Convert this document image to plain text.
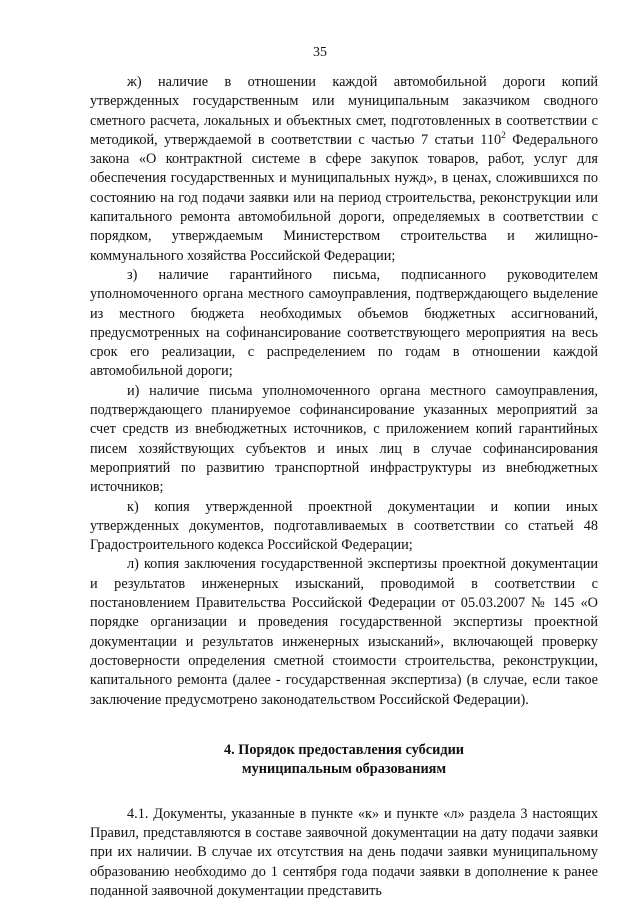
35

ж) наличие в отношении каждой автомобильной дороги копий утвержденных государственным или муниципальным заказчиком сводного сметного расчета, локальных и объектных смет, подготовленных в соответствии с методикой, утверждаемой в соответствии с частью 7 статьи $110^2$ Федерального закона «О контрактной системе в сфере закупок товаров, работ, услуг для обеспечения государственных и муниципальных нужд», в ценах, сложившихся по состоянию на год подачи заявки или на период строительства, реконструкции или капитального ремонта автомобильной дороги, определяемых в соответствии с порядком, утверждаемым Министерством строительства и жилищно-коммунального хозяйства Российской Федерации;

з) наличие гарантийного письма, подписанного руководителем уполномоченного органа местного самоуправления, подтверждающего выделение из местного бюджета необходимых объемов бюджетных ассигнований, предусмотренных на софинансирование соответствующего мероприятия на весь срок его реализации, с распределением по годам в отношении каждой автомобильной дороги;

и) наличие письма уполномоченного органа местного самоуправления, подтверждающего планируемое софинансирование указанных мероприятий за счет средств из внебюджетных источников, с приложением копий гарантийных писем хозяйствующих субъектов и иных лиц в случае софинансирования мероприятий по развитию транспортной инфраструктуры из внебюджетных источников;

к) копия утвержденной проектной документации и копии иных утвержденных документов, подготавливаемых в соответствии со статьей 48 Градостроительного кодекса Российской Федерации;

л) копия заключения государственной экспертизы проектной документации и результатов инженерных изысканий, проводимой в соответствии с постановлением Правительства Российской Федерации от 05.03.2007 № 145 «О порядке организации и проведения государственной экспертизы проектной документации и результатов инженерных изысканий», включающей проверку достоверности определения сметной стоимости строительства, реконструкции, капитального ремонта (далее - государственная экспертиза) (в случае, если такое заключение предусмотрено законодательством Российской Федерации).

4. Порядок предоставления субсидии
муниципальным образованиям

4.1. Документы, указанные в пункте «к» и пункте «л» раздела 3 настоящих Правил, представляются в составе заявочной документации на дату подачи заявки при их наличии. В случае их отсутствия на день подачи заявки муниципальному образованию необходимо до 1 сентября года подачи заявки в дополнение к ранее поданной заявочной документации представить
